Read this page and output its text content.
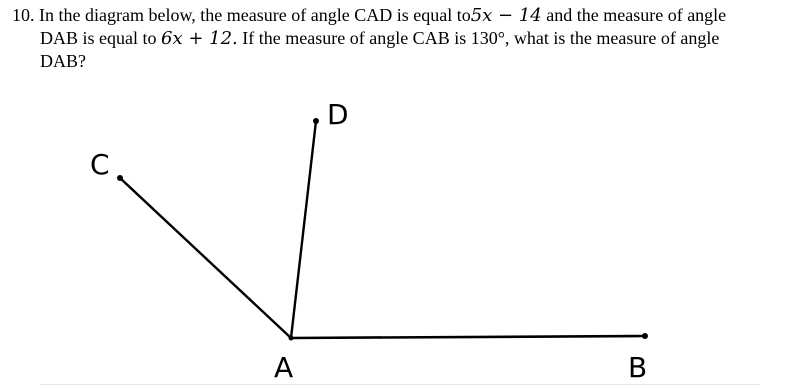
10. In the diagram below, the measure of angle CAD is equal to5x − 14 and the measure of angle
DAB is equal to 6x + 12. If the measure of angle CAB is 130°, what is the measure of angle
DAB?
A	B
C
D
